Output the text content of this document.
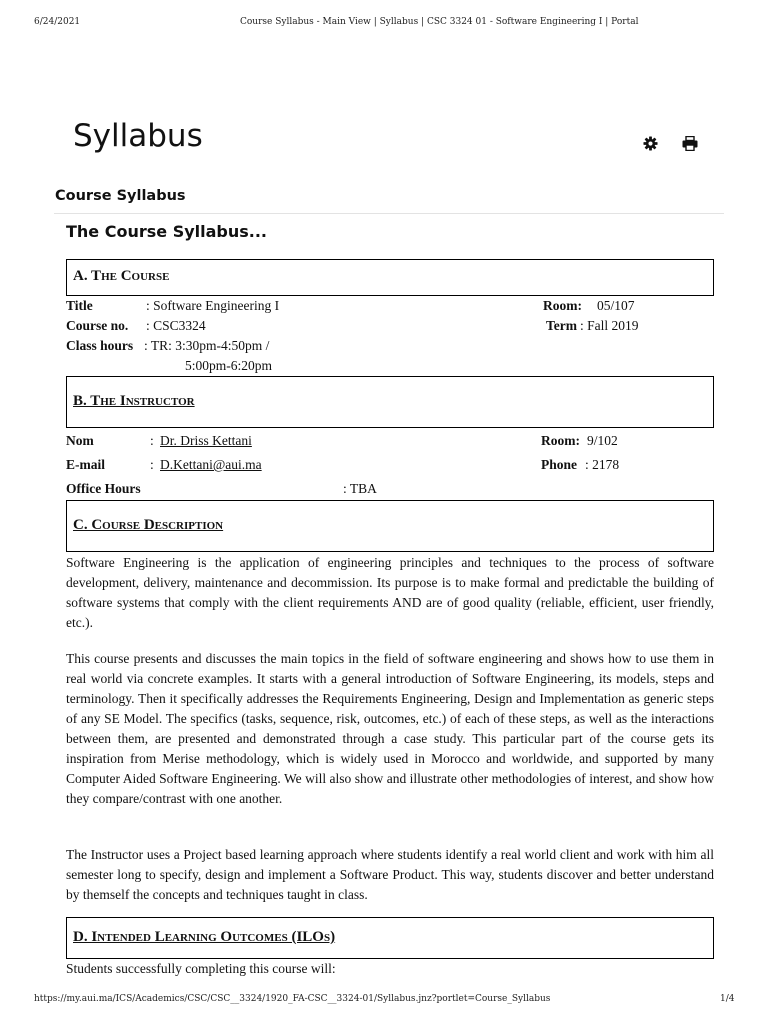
6/24/2021	Course Syllabus - Main View | Syllabus | CSC 3324 01 - Software Engineering I | Portal
Syllabus
Course Syllabus
The Course Syllabus...
A. The Course
Title	: Software Engineering I	Room: 05/107
Course no. : CSC3324	Term : Fall 2019
Class hours : TR: 3:30pm-4:50pm /
5:00pm-6:20pm
B. The Instructor
Nom	: Dr. Driss Kettani	Room: 9/102
E-mail	: D.Kettani@aui.ma	Phone : 2178
Office Hours	: TBA
C. Course Description

Software Engineering is the application of engineering principles and techniques to the process of software development, delivery, maintenance and decommission. Its purpose is to make formal and predictable the building of software systems that comply with the client requirements AND are of good quality (reliable, efficient, user friendly, etc.).

This course presents and discusses the main topics in the field of software engineering and shows how to use them in real world via concrete examples. It starts with a general introduction of Software Engineering, its models, steps and terminology. Then it specifically addresses the Requirements Engineering, Design and Implementation as generic steps of any SE Model. The specifics (tasks, sequence, risk, outcomes, etc.) of each of these steps, as well as the interactions between them, are presented and demonstrated through a case study. This particular part of the course gets its inspiration from Merise methodology, which is widely used in Morocco and worldwide, and supported by many Computer Aided Software Engineering. We will also show and illustrate other methodologies of interest, and show how they compare/contrast with one another.

The Instructor uses a Project based learning approach where students identify a real world client and work with him all semester long to specify, design and implement a Software Product. This way, students discover and better understand by themself the concepts and techniques taught in class.

D. Intended Learning Outcomes (ILOs)
Students successfully completing this course will:
https://my.aui.ma/ICS/Academics/CSC/CSC__3324/1920_FA-CSC__3324-01/Syllabus.jnz?portlet=Course_Syllabus	1/4
